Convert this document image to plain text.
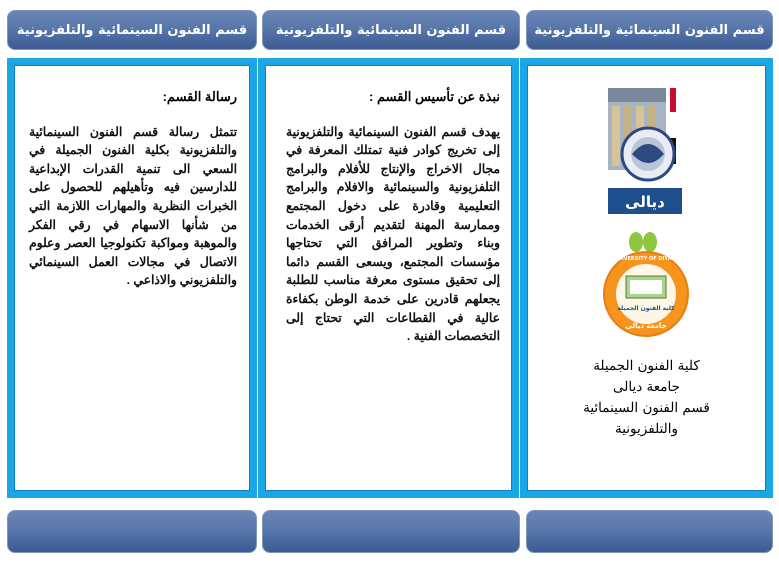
قسم الفنون السينمائية والتلفزيونية قسم الفنون السينمائية والتلفزيونية قسم الفنون السينمائية والتلفزيونية

رسالة القسم:

تتمثل رسالة قسم الفنون السينمائية والتلفزيونية بكلية الفنون الجميلة في السعي الى تنمية القدرات الإبداعية للدارسين فيه وتأهيلهم للحصول على الخبرات النظرية والمهارات اللازمة التي من شأنها الاسهام في رقي الفكر والموهبة ومواكبة تكنولوجيا العصر وعلوم الاتصال في مجالات العمل السينمائي والتلفزيوني والاذاعي .

نبذة عن تأسيس القسم :

يهدف قسم الفنون السينمائية والتلفزيونية إلى تخريج كوادر فنية تمتلك المعرفة في مجال الاخراج والإنتاج للأفلام والبرامج التلفزيونية والسينمائية والافلام والبرامج التعليمية وقادرة على دخول المجتمع وممارسة المهنة لتقديم أرقى الخدمات وبناء وتطوير المرافق التي تحتاجها مؤسسات المجتمع، ويسعى القسم دائما إلى تحقيق مستوى معرفة مناسب للطلبة يجعلهم قادرين على خدمة الوطن بكفاءة عالية في القطاعات التي تحتاج إلى التخصصات الفنية .

ديالى
جامعة ديالى
UNIVERSITY OF DIYALA
كلية الفنون الجميلة
كلية الفنون الجميلة
جامعة ديالى
قسم الفنون السينمائية
والتلفزيونية
